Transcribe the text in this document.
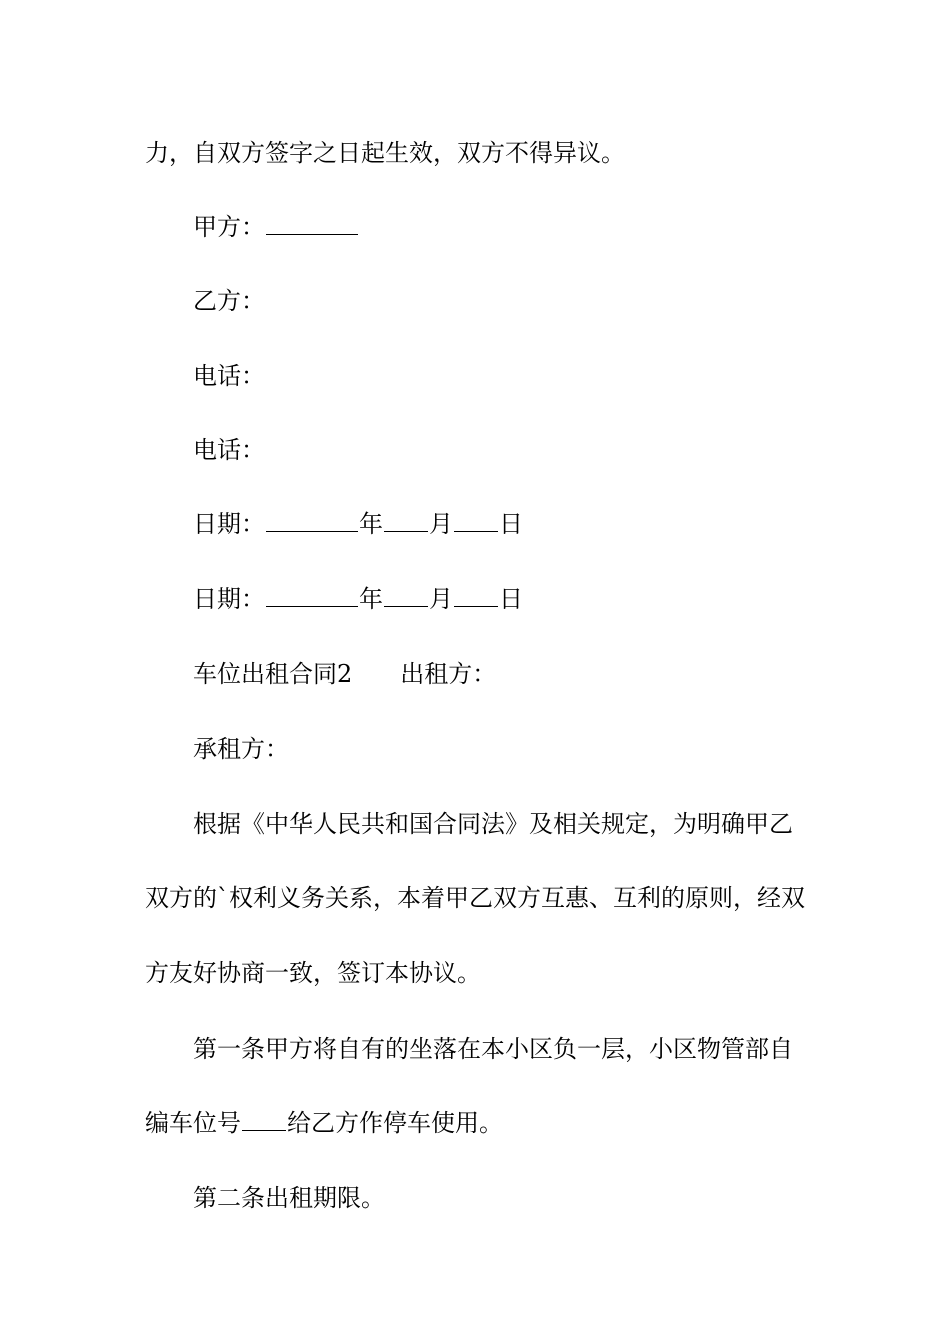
力，自双方签字之日起生效，双方不得异议。
甲方：
乙方：
电话：
电话：
日期：	年 月 日
日期：	年 月 日
车位出租合同2 出租方：
承租方：
根据《中华人民共和国合同法》及相关规定，为明确甲乙
双方的`权利义务关系，本着甲乙双方互惠、互利的原则，经双
方友好协商一致，签订本协议。
第一条甲方将自有的坐落在本小区负一层，小区物管部自
编车位号 给乙方作停车使用。
第二条出租期限。
